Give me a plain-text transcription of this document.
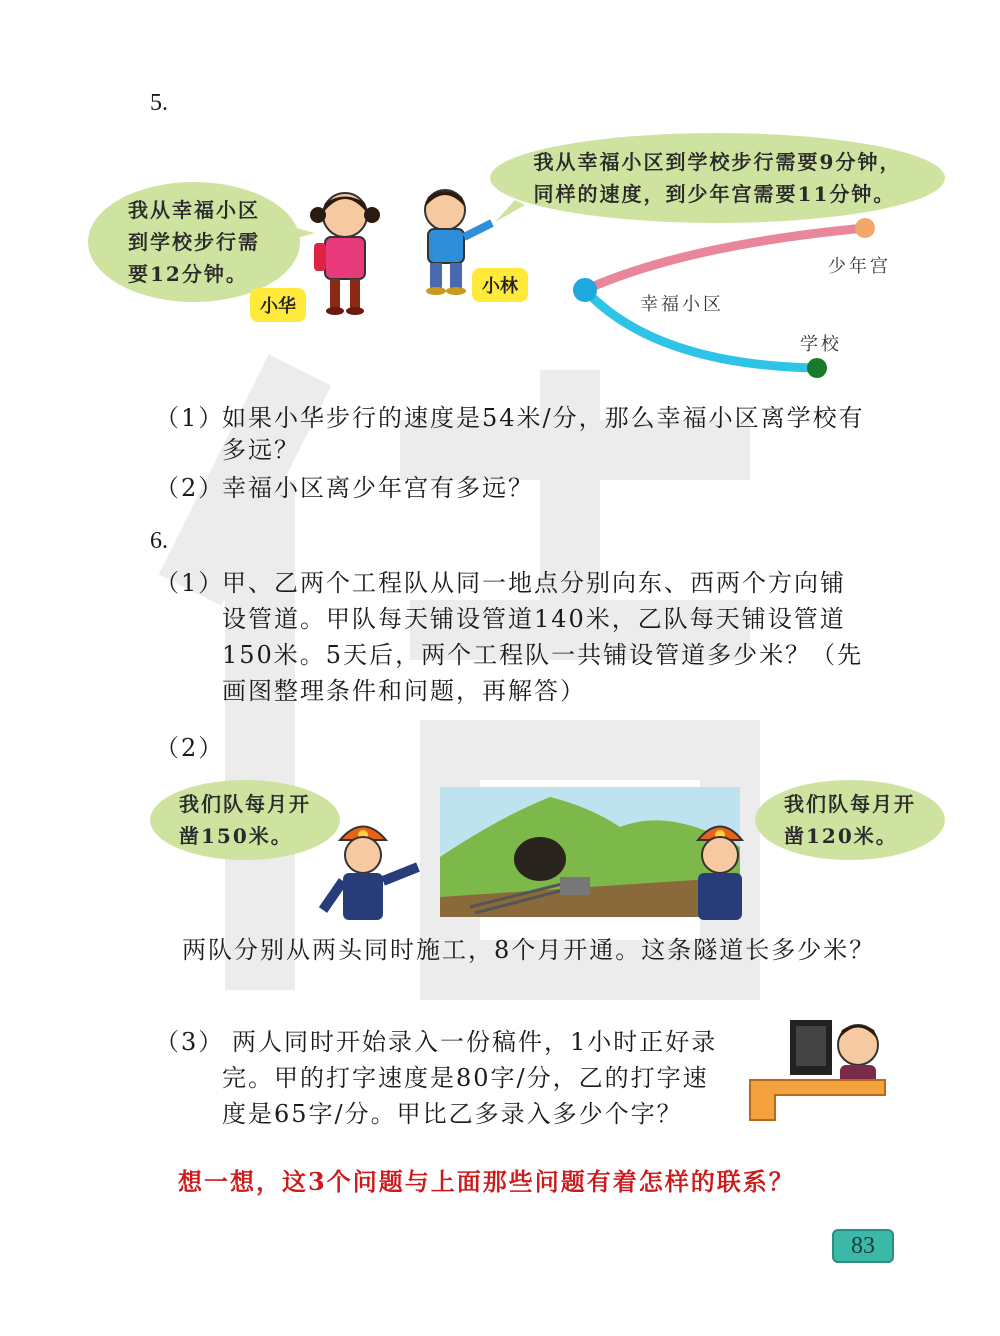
5.
我从幸福小区到学校步行需要9分钟，
同样的速度，到少年宫需要11分钟。
我从幸福小区
到学校步行需
要12分钟。
小华
小林
幸福小区
少年宫
学校
（1）
如果小华步行的速度是54米/分，那么幸福小区离学校有
多远？
（2）
幸福小区离少年宫有多远？
6.
（1）
甲、乙两个工程队从同一地点分别向东、西两个方向铺
设管道。甲队每天铺设管道140米，乙队每天铺设管道
150米。5天后，两个工程队一共铺设管道多少米？（先
画图整理条件和问题，再解答）
（2）
我们队每月开
凿150米。
我们队每月开
凿120米。
两队分别从两头同时施工，8个月开通。这条隧道长多少米？
（3） 两人同时开始录入一份稿件，1小时正好录
完。甲的打字速度是80字/分，乙的打字速
度是65字/分。甲比乙多录入多少个字？
想一想，这3个问题与上面那些问题有着怎样的联系？
83
